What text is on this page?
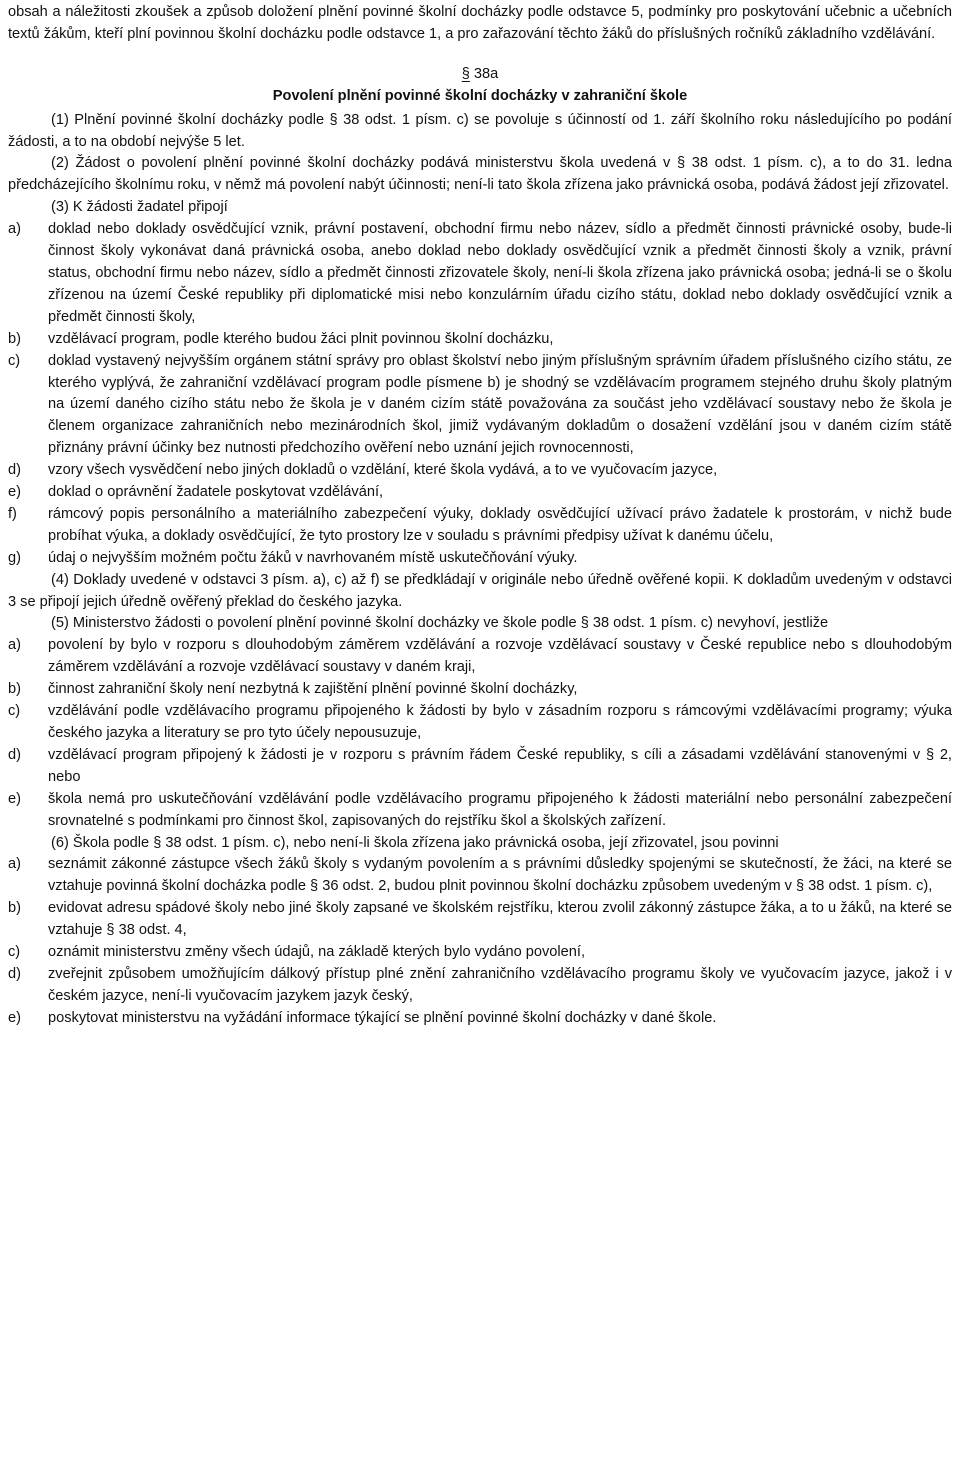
obsah a náležitosti zkoušek a způsob doložení plnění povinné školní docházky podle odstavce 5, podmínky pro poskytování učebnic a učebních textů žákům, kteří plní povinnou školní docházku podle odstavce 1, a pro zařazování těchto žáků do příslušných ročníků základního vzdělávání.

§ 38a

Povolení plnění povinné školní docházky v zahraniční škole

(1) Plnění povinné školní docházky podle § 38 odst. 1 písm. c) se povoluje s účinností od 1. září školního roku následujícího po podání žádosti, a to na období nejvýše 5 let.

(2) Žádost o povolení plnění povinné školní docházky podává ministerstvu škola uvedená v § 38 odst. 1 písm. c), a to do 31. ledna předcházejícího školnímu roku, v němž má povolení nabýt účinnosti; není-li tato škola zřízena jako právnická osoba, podává žádost její zřizovatel.

(3) K žádosti žadatel připojí

a)	doklad nebo doklady osvědčující vznik, právní postavení, obchodní firmu nebo název, sídlo a předmět činnosti právnické osoby, bude-li činnost školy vykonávat daná právnická osoba, anebo doklad nebo doklady osvědčující vznik a předmět činnosti školy a vznik, právní status, obchodní firmu nebo název, sídlo a předmět činnosti zřizovatele školy, není-li škola zřízena jako právnická osoba; jedná-li se o školu zřízenou na území České republiky při diplomatické misi nebo konzulárním úřadu cizího státu, doklad nebo doklady osvědčující vznik a předmět činnosti školy,
b)	vzdělávací program, podle kterého budou žáci plnit povinnou školní docházku,
c)	doklad vystavený nejvyšším orgánem státní správy pro oblast školství nebo jiným příslušným správním úřadem příslušného cizího státu, ze kterého vyplývá, že zahraniční vzdělávací program podle písmene b) je shodný se vzdělávacím programem stejného druhu školy platným na území daného cizího státu nebo že škola je v daném cizím státě považována za součást jeho vzdělávací soustavy nebo že škola je členem organizace zahraničních nebo mezinárodních škol, jimiž vydávaným dokladům o dosažení vzdělání jsou v daném cizím státě přiznány právní účinky bez nutnosti předchozího ověření nebo uznání jejich rovnocennosti,
d)	vzory všech vysvědčení nebo jiných dokladů o vzdělání, které škola vydává, a to ve vyučovacím jazyce,
e)	doklad o oprávnění žadatele poskytovat vzdělávání,
f)	rámcový popis personálního a materiálního zabezpečení výuky, doklady osvědčující užívací právo žadatele k prostorám, v nichž bude probíhat výuka, a doklady osvědčující, že tyto prostory lze v souladu s právními předpisy užívat k danému účelu,
g)	údaj o nejvyšším možném počtu žáků v navrhovaném místě uskutečňování výuky.

(4) Doklady uvedené v odstavci 3 písm. a), c) až f) se předkládají v originále nebo úředně ověřené kopii. K dokladům uvedeným v odstavci 3 se připojí jejich úředně ověřený překlad do českého jazyka.

(5) Ministerstvo žádosti o povolení plnění povinné školní docházky ve škole podle § 38 odst. 1 písm. c) nevyhoví, jestliže

a)	povolení by bylo v rozporu s dlouhodobým záměrem vzdělávání a rozvoje vzdělávací soustavy v České republice nebo s dlouhodobým záměrem vzdělávání a rozvoje vzdělávací soustavy v daném kraji,
b)	činnost zahraniční školy není nezbytná k zajištění plnění povinné školní docházky,
c)	vzdělávání podle vzdělávacího programu připojeného k žádosti by bylo v zásadním rozporu s rámcovými vzdělávacími programy; výuka českého jazyka a literatury se pro tyto účely nepousuzuje,
d)	vzdělávací program připojený k žádosti je v rozporu s právním řádem České republiky, s cíli a zásadami vzdělávání stanovenými v § 2, nebo
e)	škola nemá pro uskutečňování vzdělávání podle vzdělávacího programu připojeného k žádosti materiální nebo personální zabezpečení srovnatelné s podmínkami pro činnost škol, zapisovaných do rejstříku škol a školských zařízení.

(6) Škola podle § 38 odst. 1 písm. c), nebo není-li škola zřízena jako právnická osoba, její zřizovatel, jsou povinni

a)	seznámit zákonné zástupce všech žáků školy s vydaným povolením a s právními důsledky spojenými se skutečností, že žáci, na které se vztahuje povinná školní docházka podle § 36 odst. 2, budou plnit povinnou školní docházku způsobem uvedeným v § 38 odst. 1 písm. c),
b)	evidovat adresu spádové školy nebo jiné školy zapsané ve školském rejstříku, kterou zvolil zákonný zástupce žáka, a to u žáků, na které se vztahuje § 38 odst. 4,
c)	oznámit ministerstvu změny všech údajů, na základě kterých bylo vydáno povolení,
d)	zveřejnit způsobem umožňujícím dálkový přístup plné znění zahraničního vzdělávacího programu školy ve vyučovacím jazyce, jakož i v českém jazyce, není-li vyučovacím jazykem jazyk český,
e)	poskytovat ministerstvu na vyžádání informace týkající se plnění povinné školní docházky v dané škole.
